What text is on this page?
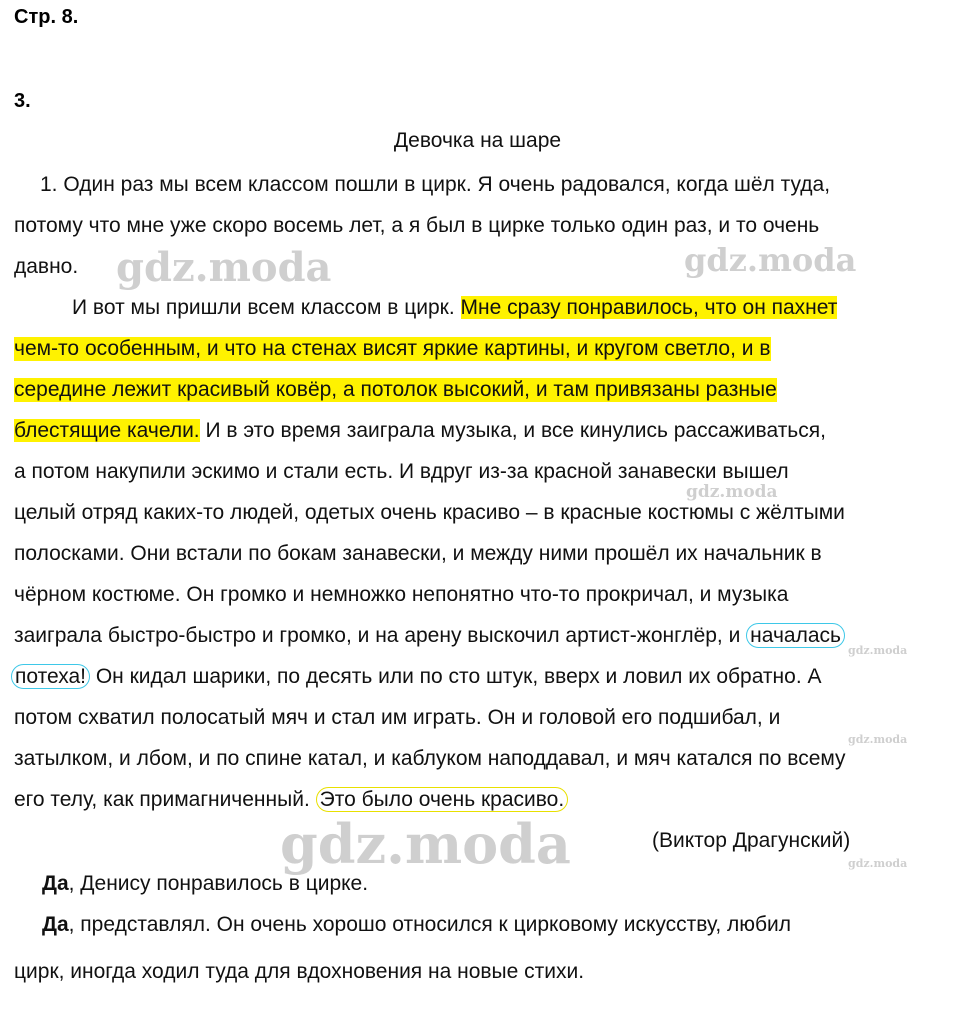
Стр. 8.
3.
Девочка на шаре
1. Один раз мы всем классом пошли в цирк. Я очень радовался, когда шёл туда,
потому что мне уже скоро восемь лет, а я был в цирке только один раз, и то очень
давно.
И вот мы пришли всем классом в цирк. Мне сразу понравилось, что он пахнет
чем-то особенным, и что на стенах висят яркие картины, и кругом светло, и в
середине лежит красивый ковёр, а потолок высокий, и там привязаны разные
блестящие качели. И в это время заиграла музыка, и все кинулись рассаживаться,
а потом накупили эскимо и стали есть. И вдруг из-за красной занавески вышел
целый отряд каких-то людей, одетых очень красиво – в красные костюмы с жёлтыми
полосками. Они встали по бокам занавески, и между ними прошёл их начальник в
чёрном костюме. Он громко и немножко непонятно что-то прокричал, и музыка
заиграла быстро-быстро и громко, и на арену выскочил артист-жонглёр, и началась
потеха! Он кидал шарики, по десять или по сто штук, вверх и ловил их обратно. А
потом схватил полосатый мяч и стал им играть. Он и головой его подшибал, и
затылком, и лбом, и по спине катал, и каблуком наподдавал, и мяч катался по всему
его телу, как примагниченный. Это было очень красиво.
(Виктор Драгунский)
Да, Денису понравилось в цирке.
Да, представлял. Он очень хорошо относился к цирковому искусству, любил
цирк, иногда ходил туда для вдохновения на новые стихи.
gdz.moda	gdz.moda
gdz.moda
gdz.moda
gdz.moda
gdz.moda	gdz.moda
